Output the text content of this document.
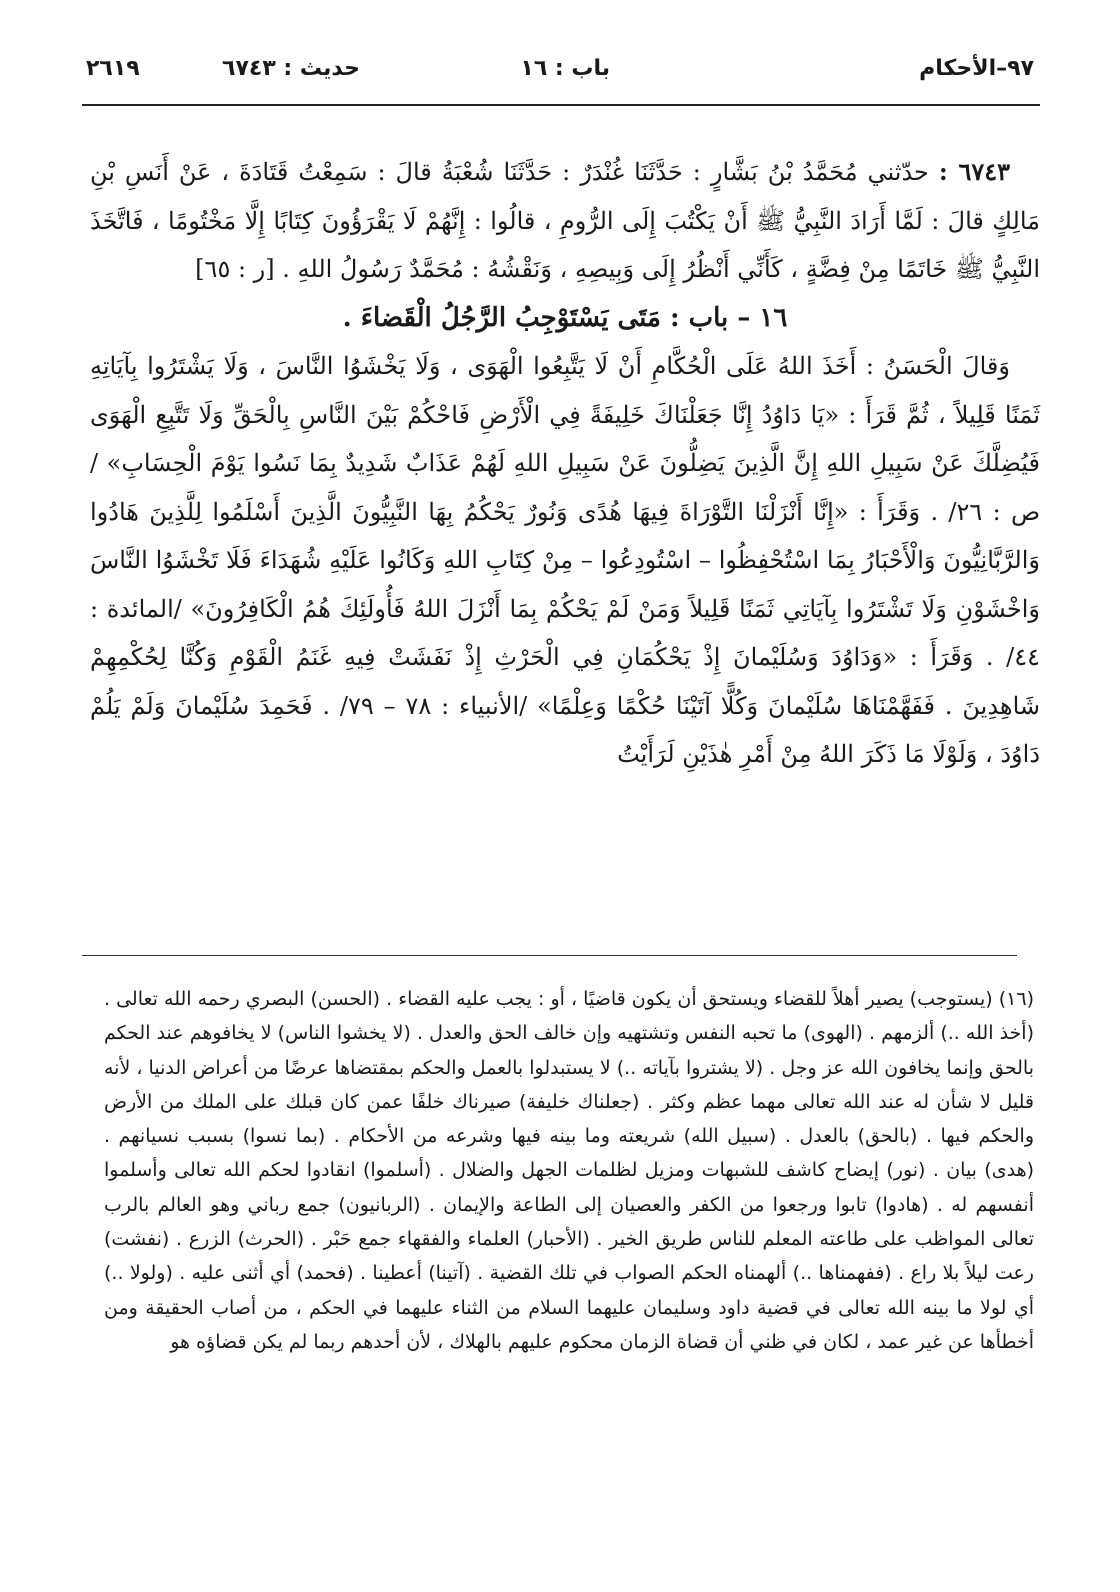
٩٧–الأحكام
باب : ١٦
حديث : ٦٧٤٣
٢٦١٩

٦٧٤٣ : حدّثني مُحَمَّدُ بْنُ بَشَّارٍ : حَدَّثَنَا غُنْدَرٌ : حَدَّثَنَا شُعْبَةُ قالَ : سَمِعْتُ قَتَادَةَ ، عَنْ أَنَسِ بْنِ مَالِكٍ قالَ : لَمَّا أَرَادَ النَّبِيُّ ﷺ أَنْ يَكْتُبَ إِلَى الرُّومِ ، قالُوا : إِنَّهُمْ لَا يَقْرَؤُونَ كِتَابًا إِلَّا مَخْتُومًا ، فَاتَّخَذَ النَّبِيُّ ﷺ خَاتَمًا مِنْ فِضَّةٍ ، كَأَنِّي أَنْظُرُ إِلَى وَبِيصِهِ ، وَنَقْشُهُ : مُحَمَّدٌ رَسُولُ اللهِ . [ر : ٦٥]

١٦ – باب : مَتَى يَسْتَوْجِبُ الرَّجُلُ الْقَضاءَ .

وَقالَ الْحَسَنُ : أَخَذَ اللهُ عَلَى الْحُكَّامِ أَنْ لَا يَتَّبِعُوا الْهَوَى ، وَلَا يَخْشَوُا النَّاسَ ، وَلَا يَشْتَرُوا بِآيَاتِهِ ثَمَنًا قَلِيلاً ، ثُمَّ قَرَأَ : «يَا دَاوُدُ إِنَّا جَعَلْنَاكَ خَلِيفَةً فِي الْأَرْضِ فَاحْكُمْ بَيْنَ النَّاسِ بِالْحَقِّ وَلَا تَتَّبِعِ الْهَوَى فَيُضِلَّكَ عَنْ سَبِيلِ اللهِ إِنَّ الَّذِينَ يَضِلُّونَ عَنْ سَبِيلِ اللهِ لَهُمْ عَذَابٌ شَدِيدٌ بِمَا نَسُوا يَوْمَ الْحِسَابِ» /ص : ٢٦/ . وَقَرَأَ : «إِنَّا أَنْزَلْنَا التَّوْرَاةَ فِيهَا هُدًى وَنُورٌ يَحْكُمُ بِهَا النَّبِيُّونَ الَّذِينَ أَسْلَمُوا لِلَّذِينَ هَادُوا وَالرَّبَّانِيُّونَ وَالْأَحْبَارُ بِمَا اسْتُحْفِظُوا – اسْتُودِعُوا – مِنْ كِتَابِ اللهِ وَكَانُوا عَلَيْهِ شُهَدَاءَ فَلَا تَخْشَوُا النَّاسَ وَاخْشَوْنِ وَلَا تَشْتَرُوا بِآيَاتِي ثَمَنًا قَلِيلاً وَمَنْ لَمْ يَحْكُمْ بِمَا أَنْزَلَ اللهُ فَأُولَئِكَ هُمُ الْكَافِرُونَ» /المائدة : ٤٤/ . وَقَرَأَ : «وَدَاوُدَ وَسُلَيْمانَ إِذْ يَحْكُمَانِ فِي الْحَرْثِ إِذْ نَفَشَتْ فِيهِ غَنَمُ الْقَوْمِ وَكُنَّا لِحُكْمِهِمْ شَاهِدِينَ . فَفَهَّمْنَاهَا سُلَيْمانَ وَكُلًّا آتَيْنَا حُكْمًا وَعِلْمًا» /الأنبياء : ٧٨ – ٧٩/ . فَحَمِدَ سُلَيْمانَ وَلَمْ يَلُمْ دَاوُدَ ، وَلَوْلَا مَا ذَكَرَ اللهُ مِنْ أَمْرِ هٰذَيْنِ لَرَأَيْتُ

(١٦) (يستوجب) يصير أهلاً للقضاء ويستحق أن يكون قاضيًا ، أو : يجب عليه القضاء . (الحسن) البصري رحمه الله تعالى . (أخذ الله ..) ألزمهم . (الهوى) ما تحبه النفس وتشتهيه وإن خالف الحق والعدل . (لا يخشوا الناس) لا يخافوهم عند الحكم بالحق وإنما يخافون الله عز وجل . (لا يشتروا بآياته ..) لا يستبدلوا بالعمل والحكم بمقتضاها عرضًا من أعراض الدنيا ، لأنه قليل لا شأن له عند الله تعالى مهما عظم وكثر . (جعلناك خليفة) صيرناك خلفًا عمن كان قبلك على الملك من الأرض والحكم فيها . (بالحق) بالعدل . (سبيل الله) شريعته وما بينه فيها وشرعه من الأحكام . (بما نسوا) بسبب نسيانهم . (هدى) بيان . (نور) إيضاح كاشف للشبهات ومزيل لظلمات الجهل والضلال . (أسلموا) انقادوا لحكم الله تعالى وأسلموا أنفسهم له . (هادوا) تابوا ورجعوا من الكفر والعصيان إلى الطاعة والإيمان . (الربانيون) جمع رباني وهو العالم بالرب تعالى المواظب على طاعته المعلم للناس طريق الخير . (الأحبار) العلماء والفقهاء جمع حَبْر . (الحرث) الزرع . (نفشت) رعت ليلاً بلا راع . (ففهمناها ..) ألهمناه الحكم الصواب في تلك القضية . (آتينا) أعطينا . (فحمد) أي أثنى عليه . (ولولا ..) أي لولا ما بينه الله تعالى في قضية داود وسليمان عليهما السلام من الثناء عليهما في الحكم ، من أصاب الحقيقة ومن أخطأها عن غير عمد ، لكان في ظني أن قضاة الزمان محكوم عليهم بالهلاك ، لأن أحدهم ربما لم يكن قضاؤه هو
